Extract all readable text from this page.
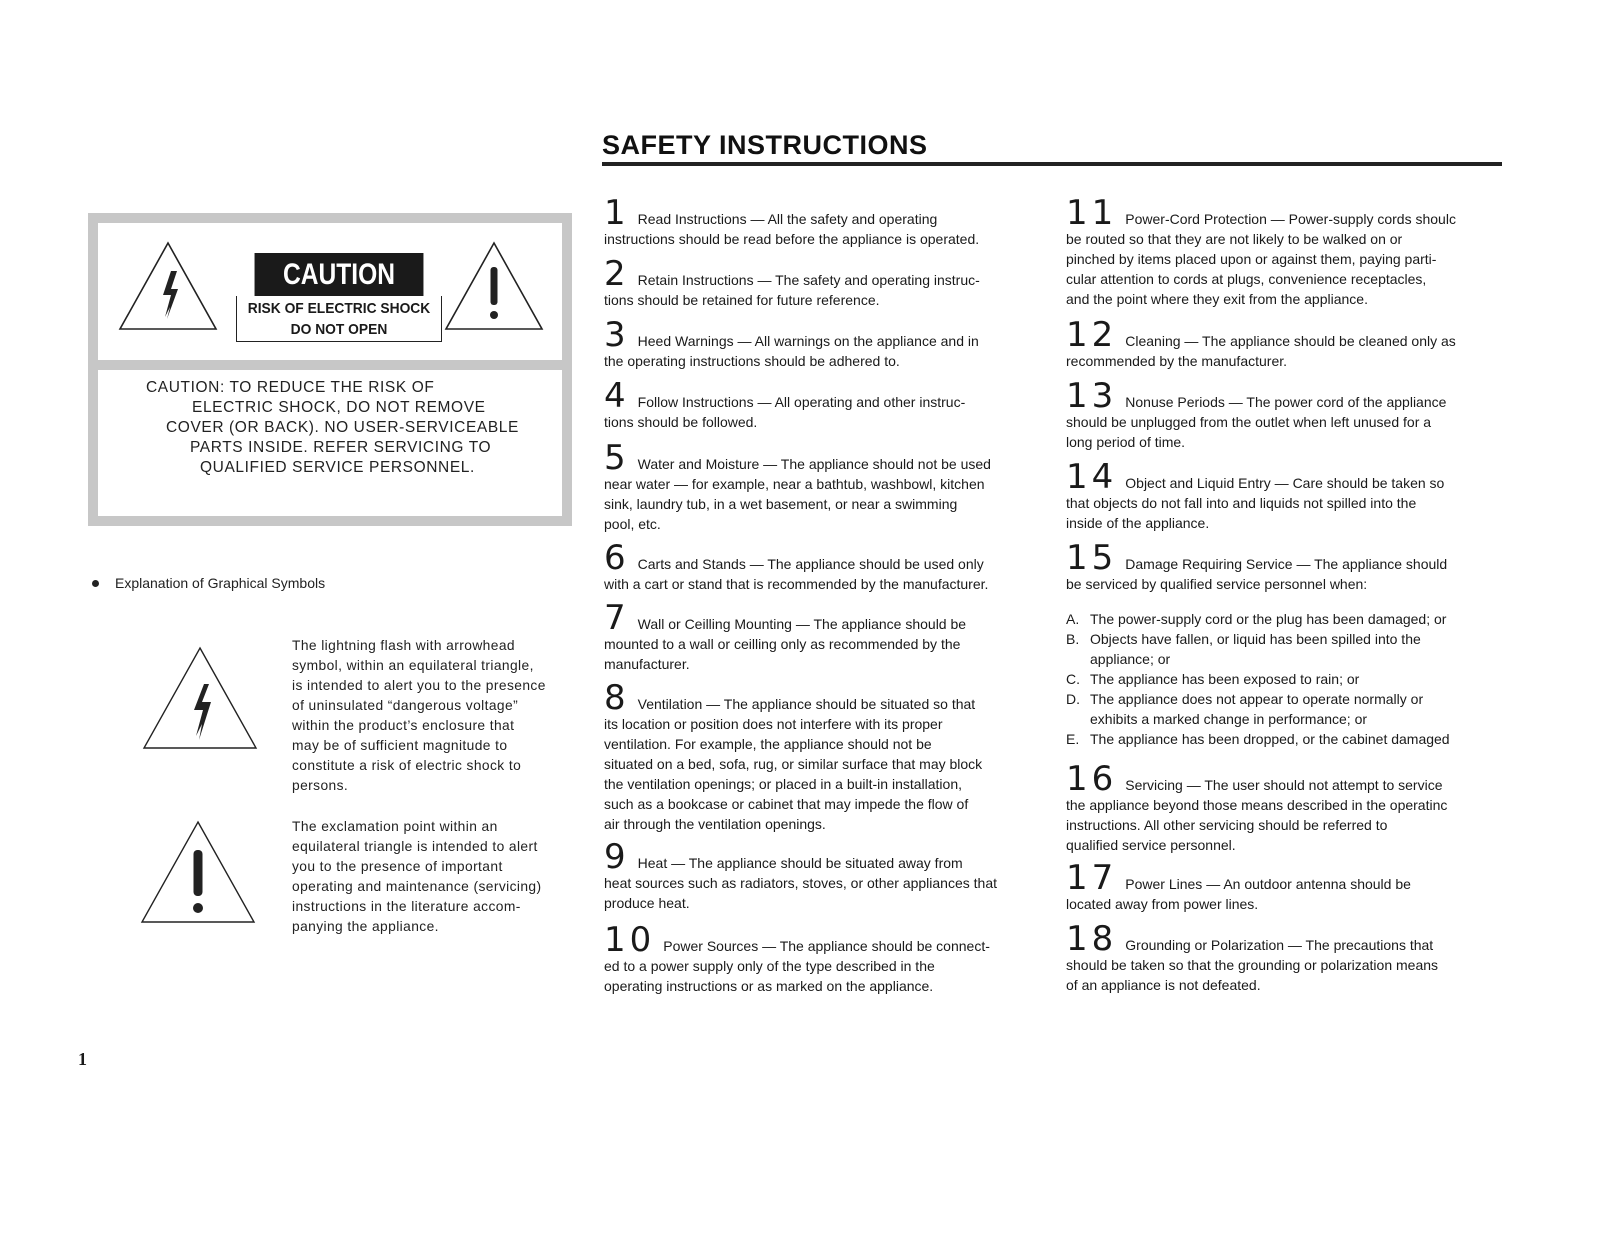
SAFETY INSTRUCTIONS
CAUTION
RISK OF ELECTRIC SHOCK
DO NOT OPEN
CAUTION: TO REDUCE THE RISK OF
ELECTRIC SHOCK, DO NOT REMOVE
COVER (OR BACK). NO USER-SERVICEABLE
PARTS INSIDE. REFER SERVICING TO
QUALIFIED SERVICE PERSONNEL.
Explanation of Graphical Symbols
The lightning flash with arrowhead
symbol, within an equilateral triangle,
is intended to alert you to the presence
of uninsulated “dangerous voltage”
within the product’s enclosure that
may be of sufficient magnitude to
constitute a risk of electric shock to
persons.
The exclamation point within an
equilateral triangle is intended to alert
you to the presence of important
operating and maintenance (servicing)
instructions in the literature accom-
panying the appliance.
1 Read Instructions — All the safety and operating
instructions should be read before the appliance is operated.
2 Retain Instructions — The safety and operating instruc-
tions should be retained for future reference.
3 Heed Warnings — All warnings on the appliance and in
the operating instructions should be adhered to.
4 Follow Instructions — All operating and other instruc-
tions should be followed.
5 Water and Moisture — The appliance should not be used
near water — for example, near a bathtub, washbowl, kitchen
sink, laundry tub, in a wet basement, or near a swimming
pool, etc.
6 Carts and Stands — The appliance should be used only
with a cart or stand that is recommended by the manufacturer.
7 Wall or Ceilling Mounting — The appliance should be
mounted to a wall or ceilling only as recommended by the
manufacturer.
8 Ventilation — The appliance should be situated so that
its location or position does not interfere with its proper
ventilation. For example, the appliance should not be
situated on a bed, sofa, rug, or similar surface that may block
the ventilation openings; or placed in a built-in installation,
such as a bookcase or cabinet that may impede the flow of
air through the ventilation openings.
9 Heat — The appliance should be situated away from
heat sources such as radiators, stoves, or other appliances that
produce heat.
10 Power Sources — The appliance should be connect-
ed to a power supply only of the type described in the
operating instructions or as marked on the appliance.
11 Power-Cord Protection — Power-supply cords shoulc
be routed so that they are not likely to be walked on or
pinched by items placed upon or against them, paying parti-
cular attention to cords at plugs, convenience receptacles,
and the point where they exit from the appliance.
12 Cleaning — The appliance should be cleaned only as
recommended by the manufacturer.
13 Nonuse Periods — The power cord of the appliance
should be unplugged from the outlet when left unused for a
long period of time.
14 Object and Liquid Entry — Care should be taken so
that objects do not fall into and liquids not spilled into the
inside of the appliance.
15 Damage Requiring Service — The appliance should
be serviced by qualified service personnel when:
16 Servicing — The user should not attempt to service
the appliance beyond those means described in the operatinc
instructions. All other servicing should be referred to
qualified service personnel.
17 Power Lines — An outdoor antenna should be
located away from power lines.
18 Grounding or Polarization — The precautions that
should be taken so that the grounding or polarization means
of an appliance is not defeated.
A. The power-supply cord or the plug has been damaged; or
B. Objects have fallen, or liquid has been spilled into the
appliance; or
C. The appliance has been exposed to rain; or
D. The appliance does not appear to operate normally or
exhibits a marked change in performance; or
E. The appliance has been dropped, or the cabinet damaged
1
